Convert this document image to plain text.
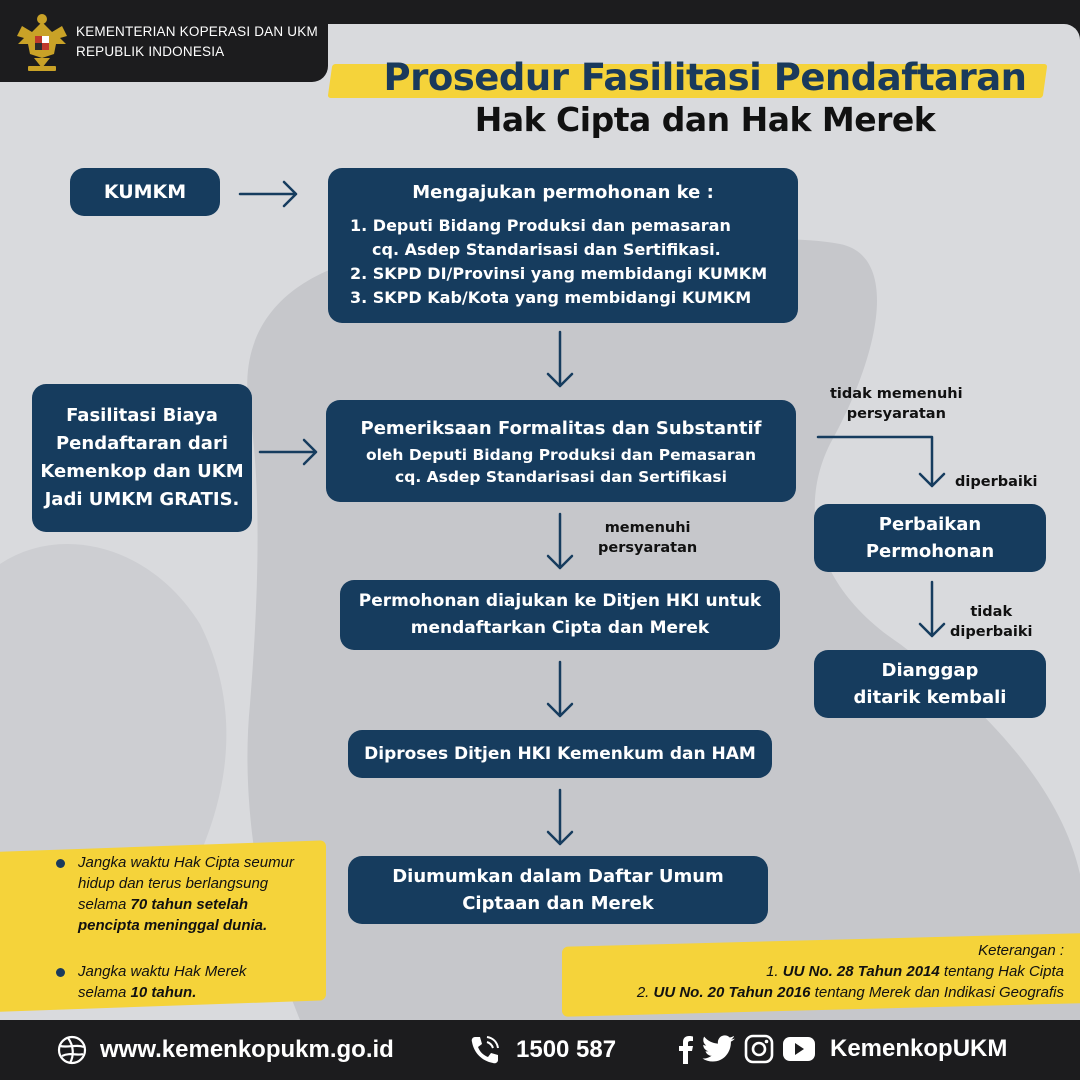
KEMENTERIAN KOPERASI DAN UKM
REPUBLIK INDONESIA
Prosedur Fasilitasi Pendaftaran
Hak Cipta dan Hak Merek
KUMKM	Mengajukan permohonan ke :
1. Deputi Bidang Produksi dan pemasaran
cq. Asdep Standarisasi dan Sertifikasi.
2. SKPD DI/Provinsi yang membidangi KUMKM
3. SKPD Kab/Kota yang membidangi KUMKM
Fasilitasi Biaya
Pendaftaran dari
Kemenkop dan UKM
Jadi UMKM GRATIS.
Pemeriksaan Formalitas dan Substantif
oleh Deputi Bidang Produksi dan Pemasaran
cq. Asdep Standarisasi dan Sertifikasi
Perbaikan
Permohonan
Permohonan diajukan ke Ditjen HKI untuk
mendaftarkan Cipta dan Merek
Dianggap
ditarik kembali
Diproses Ditjen HKI Kemenkum dan HAM
Diumumkan dalam Daftar Umum
Ciptaan dan Merek
tidak memenuhi
persyaratan
diperbaiki
memenuhi
persyaratan
tidak
diperbaiki
Jangka waktu Hak Cipta seumur
hidup dan terus berlangsung
selama 70 tahun setelah
pencipta meninggal dunia.
Jangka waktu Hak Merek
selama 10 tahun.
Keterangan :
1. UU No. 28 Tahun 2014 tentang Hak Cipta
2. UU No. 20 Tahun 2016 tentang Merek dan Indikasi Geografis
www.kemenkopukm.go.id	1500 587	KemenkopUKM
